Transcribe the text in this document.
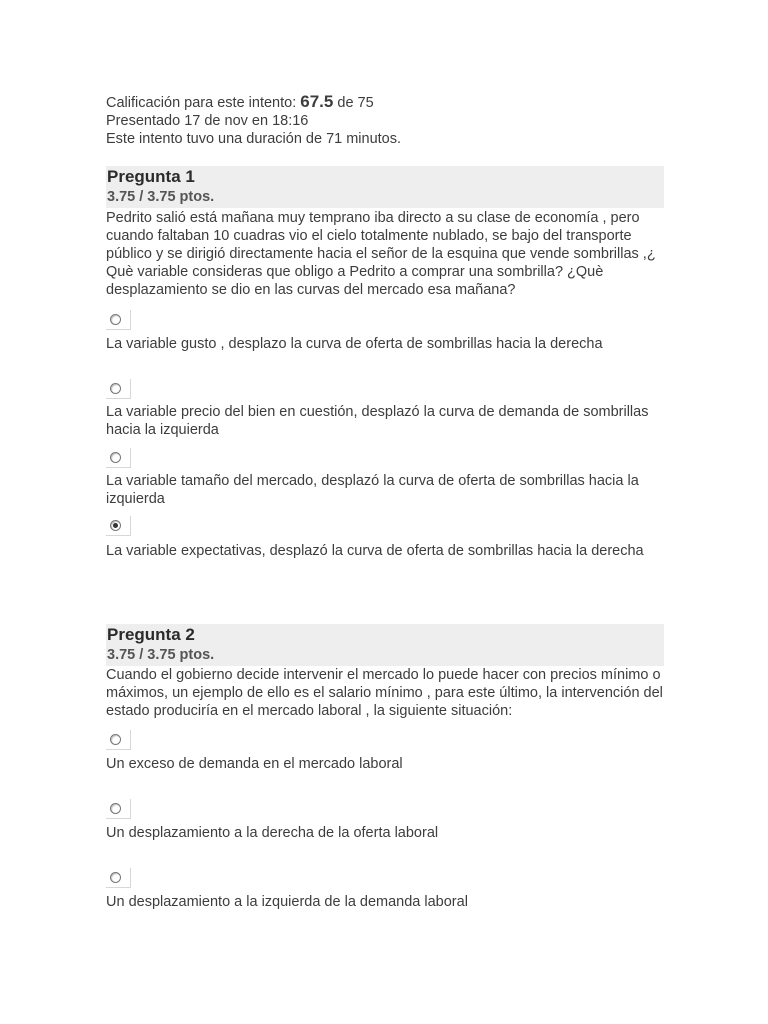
Calificación para este intento: 67.5 de 75
Presentado 17 de nov en 18:16
Este intento tuvo una duración de 71 minutos.
Pregunta 1
3.75 / 3.75 ptos.
Pedrito salió está mañana muy temprano iba directo a su clase de economía , pero cuando faltaban 10 cuadras vio el cielo totalmente nublado, se bajo del transporte público y se dirigió directamente hacia el señor de la esquina que vende sombrillas ,¿ Què variable consideras que obligo a Pedrito a comprar una sombrilla? ¿Què desplazamiento se dio en las curvas del mercado esa mañana?
La variable gusto , desplazo la curva de oferta de sombrillas hacia la derecha
La variable precio del bien en cuestión, desplazó la curva de demanda de sombrillas hacia la izquierda
La variable tamaño del mercado, desplazó la curva de oferta de sombrillas hacia la izquierda
La variable expectativas, desplazó la curva de oferta de sombrillas hacia la derecha
Pregunta 2
3.75 / 3.75 ptos.
Cuando el gobierno decide intervenir el mercado lo puede hacer con precios mínimo o máximos, un ejemplo de ello es el salario mínimo , para este último, la intervención del estado produciría en el mercado laboral , la siguiente situación:
Un exceso de demanda en el mercado laboral
Un desplazamiento a la derecha de la oferta laboral
Un desplazamiento a la izquierda de la demanda laboral
